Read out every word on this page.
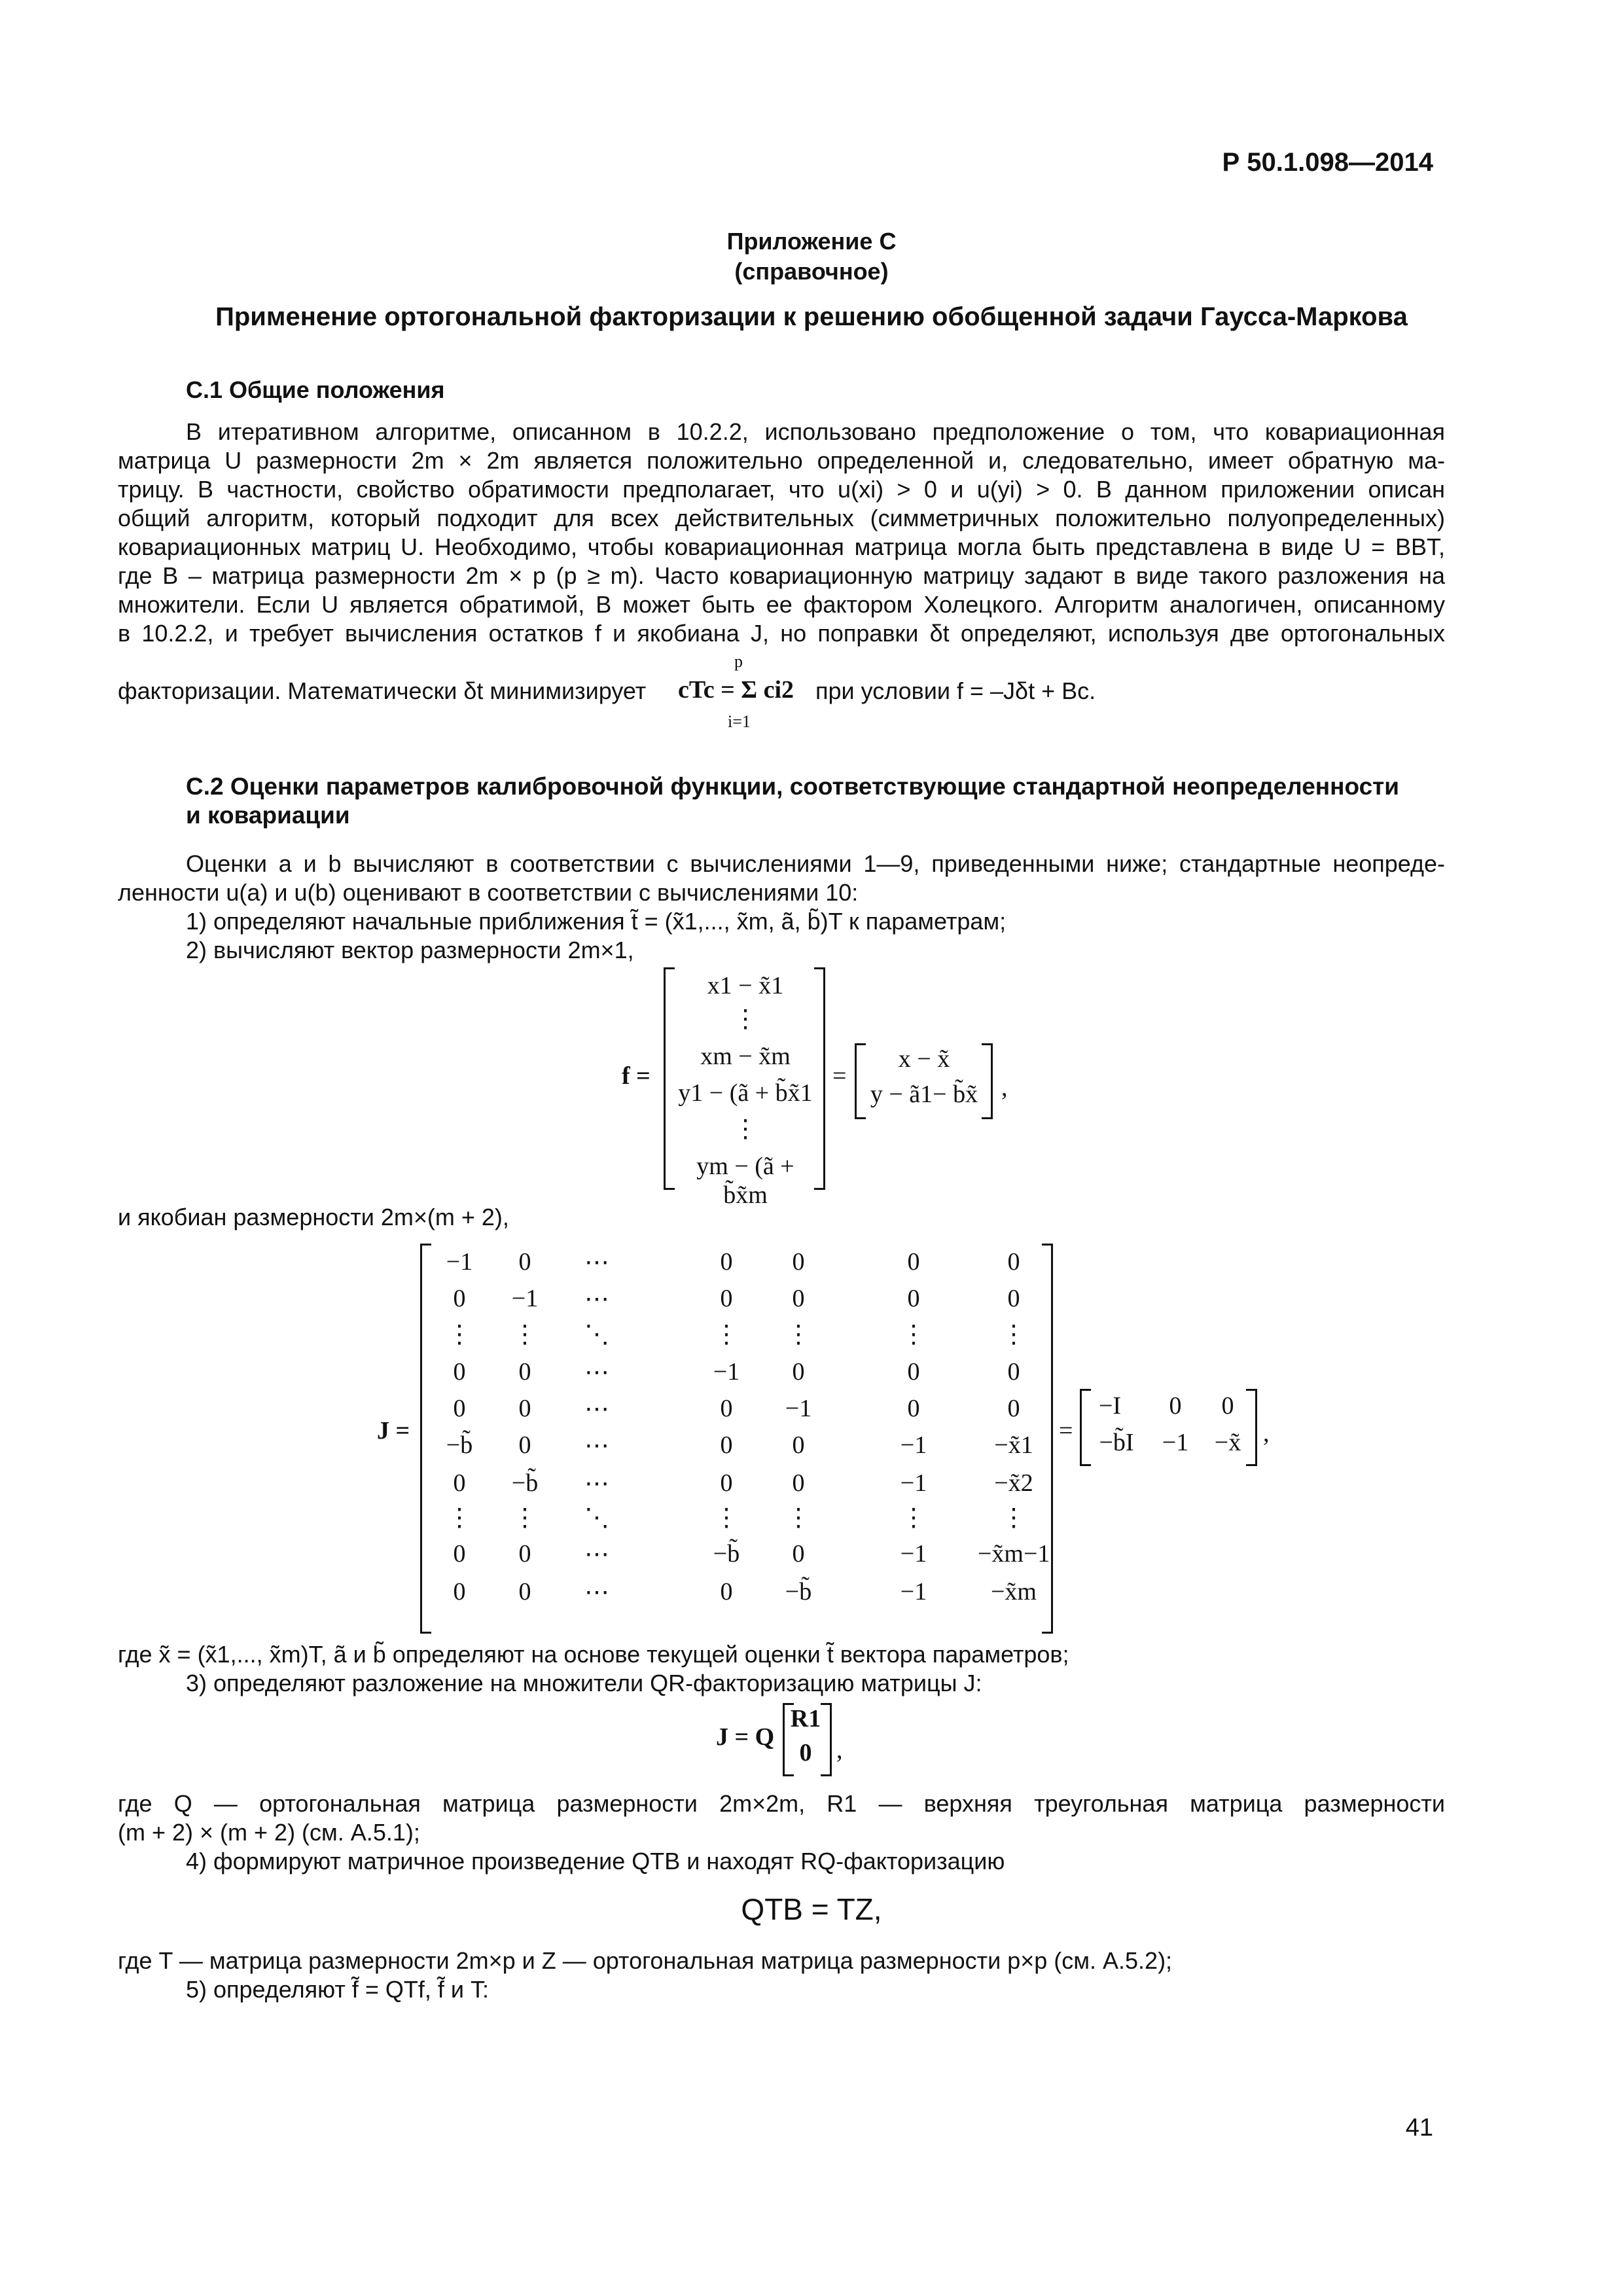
Р 50.1.098—2014
Приложение С
(справочное)
Применение ортогональной факторизации к решению обобщенной задачи Гаусса-Маркова
С.1 Общие положения
В итеративном алгоритме, описанном в 10.2.2, использовано предположение о том, что ковариационная
матрица U размерности 2m × 2m является положительно определенной и, следовательно, имеет обратную ма-
трицу. В частности, свойство обратимости предполагает, что u(xi) > 0 и u(yi) > 0. В данном приложении описан
общий алгоритм, который подходит для всех действительных (симметричных положительно полуопределенных)
ковариационных матриц U. Необходимо, чтобы ковариационная матрица могла быть представлена в виде U = BBT,
где B – матрица размерности 2m × p (p ≥ m). Часто ковариационную матрицу задают в виде такого разложения на
множители. Если U является обратимой, B может быть ее фактором Холецкого. Алгоритм аналогичен, описанному
в 10.2.2, и требует вычисления остатков f и якобиана J, но поправки δt определяют, используя две ортогональных
факторизации. Математически δt минимизирует cTc = Σ ci2
p
i=1
при условии f = –Jδt + Bc.
С.2 Оценки параметров калибровочной функции, соответствующие стандартной неопределенности
и ковариации
Оценки a и b вычисляют в соответствии с вычислениями 1—9, приведенными ниже; стандартные неопреде-
ленности u(a) и u(b) оценивают в соответствии с вычислениями 10:
1) определяют начальные приближения t̃ = (x̃1,..., x̃m, ã, b̃)T к параметрам;
2) вычисляют вектор размерности 2m×1,
f =
x1 − x̃1
⋮
xm − x̃m
y1 − (ã + b̃x̃1
⋮
ym − (ã + b̃x̃m
=
x − x̃
y − ã1− b̃x̃ ,
и якобиан размерности 2m×(m + 2),
J =
−1	0	⋯	0	0	0	0
0	−1	⋯	0	0	0	0
⋮	⋮	⋱	⋮	⋮	⋮	⋮
0	0	⋯	−1	0	0	0
0	0	⋯	0	−1	0	0
−b̃	0	⋯	0	0	−1	−x̃1
0	−b̃	⋯	0	0	−1	−x̃2
⋮	⋮	⋱	⋮	⋮	⋮	⋮
0	0	⋯	−b̃	0	−1	−x̃m−1
0	0	⋯	0	−b̃	−1	−x̃m
=
−I	0	0
−b̃I	−1	−x̃ ,
где x̃ = (x̃1,..., x̃m)T, ã и b̃ определяют на основе текущей оценки t̃ вектора параметров;
3) определяют разложение на множители QR-факторизацию матрицы J:
J = Q
R1
0 ,
где Q — ортогональная матрица размерности 2m×2m, R1 — верхняя треугольная матрица размерности
(m + 2) × (m + 2) (см. А.5.1);
4) формируют матричное произведение QTB и находят RQ-факторизацию
QTB = TZ,
где T — матрица размерности 2m×p и Z — ортогональная матрица размерности p×p (см. А.5.2);
5) определяют f̃ = QTf, f̃ и T:
41
